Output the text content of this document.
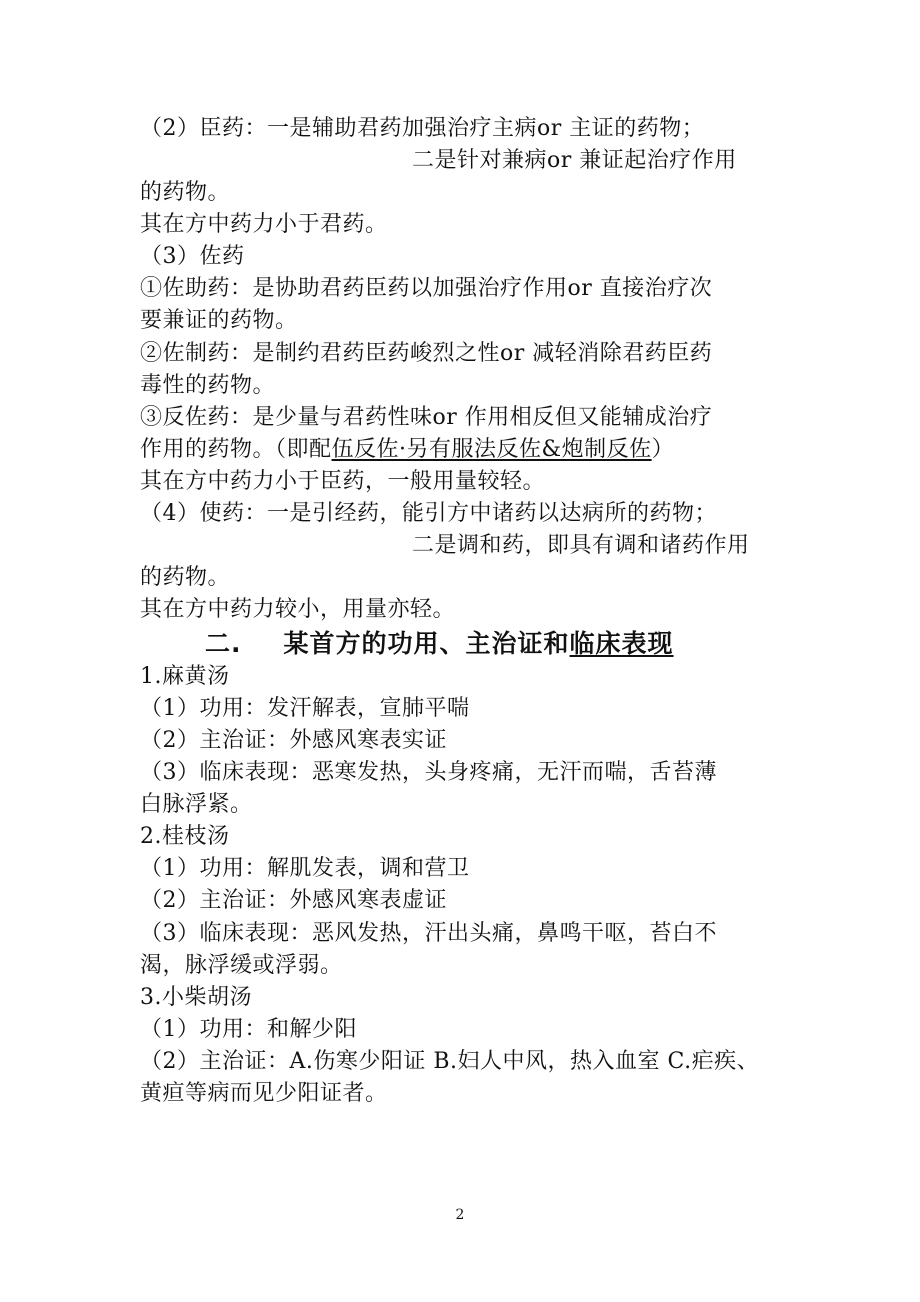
（2）臣药：一是辅助君药加强治疗主病or 主证的药物；
二是针对兼病or 兼证起治疗作用
的药物。
其在方中药力小于君药。
（3）佐药
①佐助药：是协助君药臣药以加强治疗作用or 直接治疗次
要兼证的药物。
②佐制药：是制约君药臣药峻烈之性or 减轻消除君药臣药
毒性的药物。
③反佐药：是少量与君药性味or 作用相反但又能辅成治疗
作用的药物。（即配伍反佐·另有服法反佐&炮制反佐）
其在方中药力小于臣药，一般用量较轻。
（4）使药：一是引经药，能引方中诸药以达病所的药物；
二是调和药，即具有调和诸药作用
的药物。
其在方中药力较小，用量亦轻。
二. 某首方的功用、主治证和临床表现
1.麻黄汤
（1）功用：发汗解表，宣肺平喘
（2）主治证：外感风寒表实证
（3）临床表现：恶寒发热，头身疼痛，无汗而喘，舌苔薄
白脉浮紧。
2.桂枝汤
（1）功用：解肌发表，调和营卫
（2）主治证：外感风寒表虚证
（3）临床表现：恶风发热，汗出头痛，鼻鸣干呕，苔白不
渴，脉浮缓或浮弱。
3.小柴胡汤
（1）功用：和解少阳
（2）主治证：A.伤寒少阳证 B.妇人中风，热入血室 C.疟疾、
黄疸等病而见少阳证者。
2
